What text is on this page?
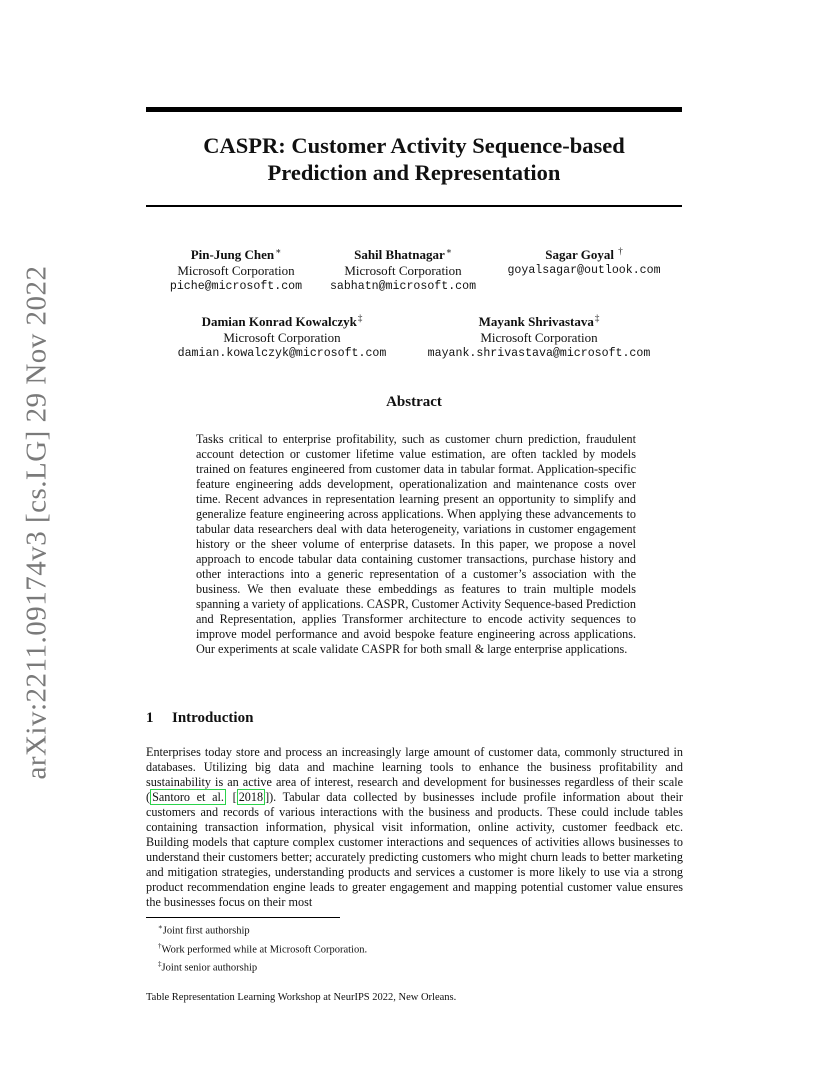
arXiv:2211.09174v3 [cs.LG] 29 Nov 2022
CASPR: Customer Activity Sequence-based
Prediction and Representation
Pin-Jung Chen∗
Microsoft Corporation
piche@microsoft.com
Sahil Bhatnagar∗
Microsoft Corporation
sabhatn@microsoft.com
Sagar Goyal †
goyalsagar@outlook.com
Damian Konrad Kowalczyk‡
Microsoft Corporation
damian.kowalczyk@microsoft.com
Mayank Shrivastava‡
Microsoft Corporation
mayank.shrivastava@microsoft.com
Abstract
Tasks critical to enterprise profitability, such as customer churn prediction, fraudulent account detection or customer lifetime value estimation, are often tackled by models trained on features engineered from customer data in tabular format. Application-specific feature engineering adds development, operationalization and maintenance costs over time. Recent advances in representation learning present an opportunity to simplify and generalize feature engineering across applications. When applying these advancements to tabular data researchers deal with data heterogeneity, variations in customer engagement history or the sheer volume of enterprise datasets. In this paper, we propose a novel approach to encode tabular data containing customer transactions, purchase history and other interactions into a generic representation of a customer’s association with the business. We then evaluate these embeddings as features to train multiple models spanning a variety of applications. CASPR, Customer Activity Sequence-based Prediction and Representation, applies Transformer architecture to encode activity sequences to improve model performance and avoid bespoke feature engineering across applications. Our experiments at scale validate CASPR for both small & large enterprise applications.
1 Introduction
Enterprises today store and process an increasingly large amount of customer data, commonly structured in databases. Utilizing big data and machine learning tools to enhance the business profitability and sustainability is an active area of interest, research and development for businesses regardless of their scale ( Santoro et al. [ 2018 ]). Tabular data collected by businesses include profile information about their customers and records of various interactions with the business and products. These could include tables containing transaction information, physical visit information, online activity, customer feedback etc. Building models that capture complex customer interactions and sequences of activities allows businesses to understand their customers better; accurately predicting customers who might churn leads to better marketing and mitigation strategies, understanding products and services a customer is more likely to use via a strong product recommendation engine leads to greater engagement and mapping potential customer value ensures the businesses focus on their most
∗Joint first authorship
†Work performed while at Microsoft Corporation.
‡Joint senior authorship
Table Representation Learning Workshop at NeurIPS 2022, New Orleans.
